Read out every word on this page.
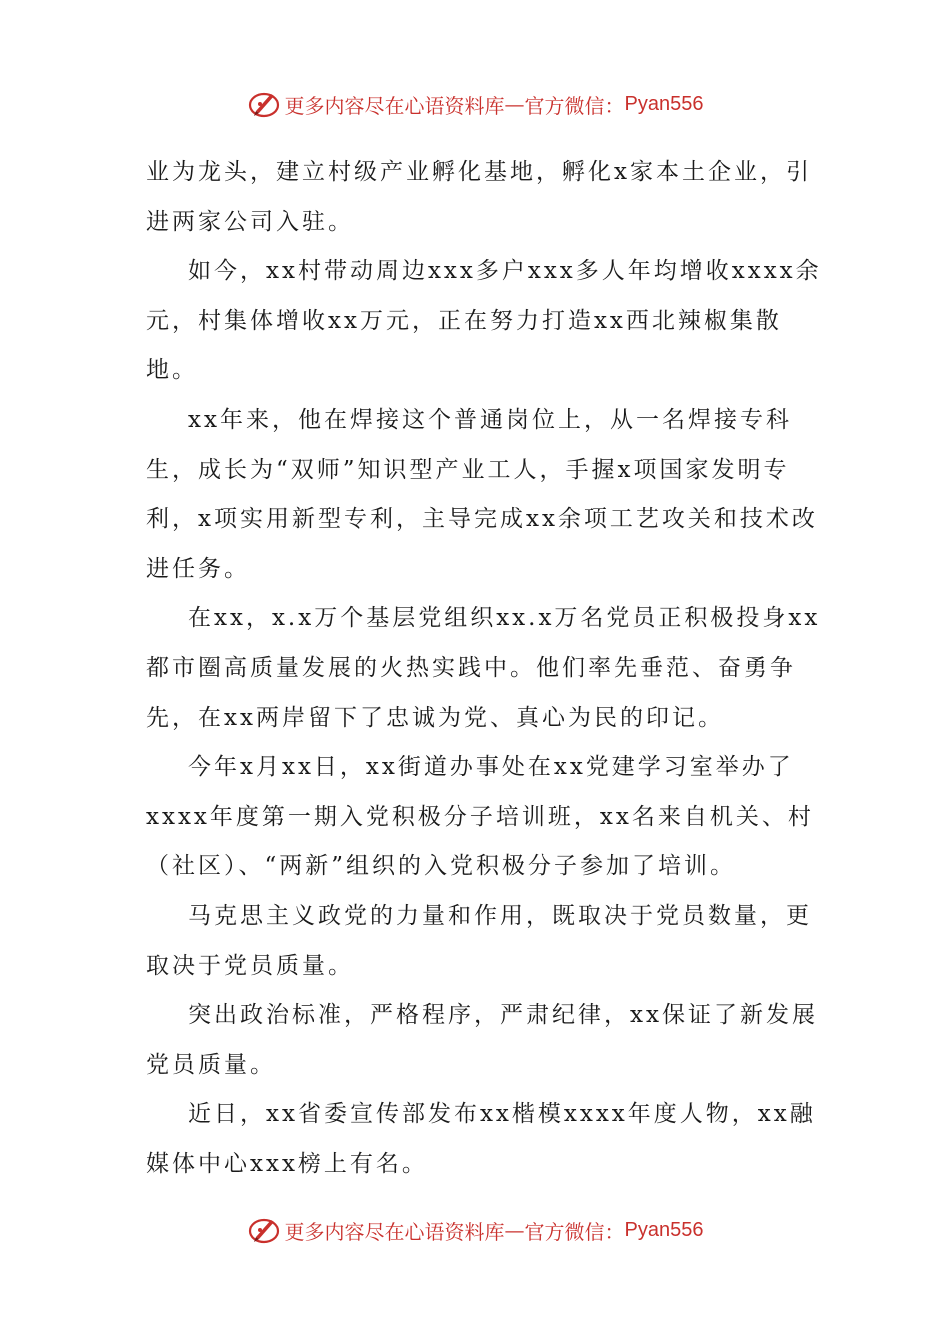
更多内容尽在心语资料库 — 官方微信： Pyan556

业为龙头，建立村级产业孵化基地，孵化x家本土企业，引进两家公司入驻。

如今，xx村带动周边xxx多户xxx多人年均增收xxxx余元，村集体增收xx万元，正在努力打造xx西北辣椒集散地。

xx年来，他在焊接这个普通岗位上，从一名焊接专科生，成长为“双师”知识型产业工人，手握x项国家发明专利，x项实用新型专利，主导完成xx余项工艺攻关和技术改进任务。

在xx，x.x万个基层党组织xx.x万名党员正积极投身xx都市圈高质量发展的火热实践中。他们率先垂范、奋勇争先，在xx两岸留下了忠诚为党、真心为民的印记。

今年x月xx日，xx街道办事处在xx党建学习室举办了xxxx年度第一期入党积极分子培训班，xx名来自机关、村（社区）、“两新”组织的入党积极分子参加了培训。

马克思主义政党的力量和作用，既取决于党员数量，更取决于党员质量。

突出政治标准，严格程序，严肃纪律，xx保证了新发展党员质量。

近日，xx省委宣传部发布xx楷模xxxx年度人物，xx融媒体中心xxx榜上有名。

更多内容尽在心语资料库 — 官方微信： Pyan556
